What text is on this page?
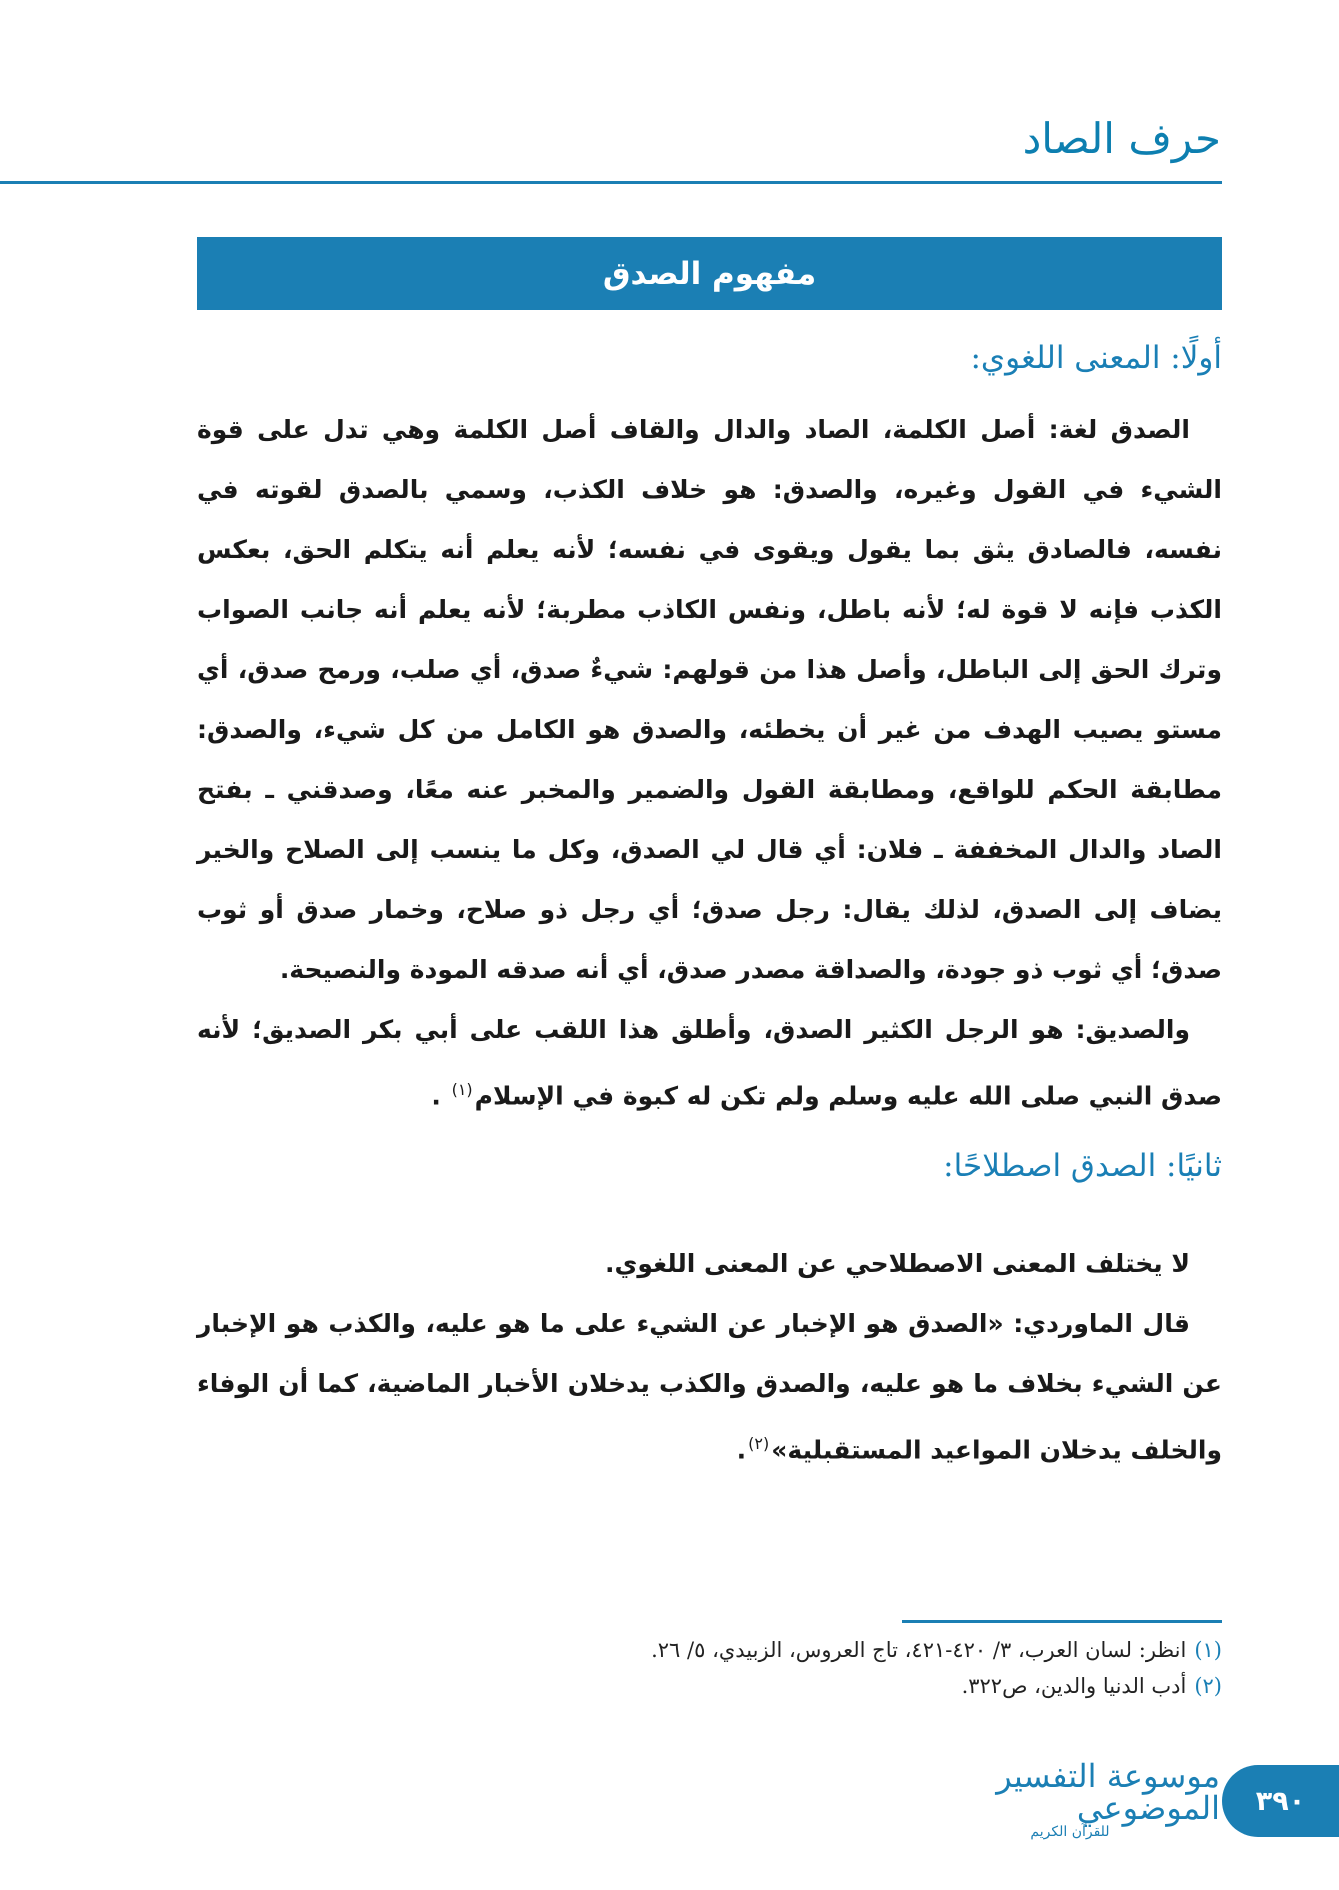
حرف الصاد
مفهوم الصدق
أولًا: المعنى اللغوي:

الصدق لغة: أصل الكلمة، الصاد والدال والقاف أصل الكلمة وهي تدل على قوة الشيء في القول وغيره، والصدق: هو خلاف الكذب، وسمي بالصدق لقوته في نفسه، فالصادق يثق بما يقول ويقوى في نفسه؛ لأنه يعلم أنه يتكلم الحق، بعكس الكذب فإنه لا قوة له؛ لأنه باطل، ونفس الكاذب مطربة؛ لأنه يعلم أنه جانب الصواب وترك الحق إلى الباطل، وأصل هذا من قولهم: شيءٌ صدق، أي صلب، ورمح صدق، أي مستو يصيب الهدف من غير أن يخطئه، والصدق هو الكامل من كل شيء، والصدق: مطابقة الحكم للواقع، ومطابقة القول والضمير والمخبر عنه معًا، وصدقني ـ بفتح الصاد والدال المخففة ـ فلان: أي قال لي الصدق، وكل ما ينسب إلى الصلاح والخير يضاف إلى الصدق، لذلك يقال: رجل صدق؛ أي رجل ذو صلاح، وخمار صدق أو ثوب صدق؛ أي ثوب ذو جودة، والصداقة مصدر صدق، أي أنه صدقه المودة والنصيحة.

والصديق: هو الرجل الكثير الصدق، وأطلق هذا اللقب على أبي بكر الصديق؛ لأنه صدق النبي صلى الله عليه وسلم ولم تكن له كبوة في الإسلام$^{(١)}$ .

ثانيًا: الصدق اصطلاحًا:

لا يختلف المعنى الاصطلاحي عن المعنى اللغوي.

قال الماوردي: «الصدق هو الإخبار عن الشيء على ما هو عليه، والكذب هو الإخبار عن الشيء بخلاف ما هو عليه، والصدق والكذب يدخلان الأخبار الماضية، كما أن الوفاء والخلف يدخلان المواعيد المستقبلية»$^{(٢)}$.

(١)انظر: لسان العرب، ٣/ ٤٢٠-٤٢١، تاج العروس، الزبيدي، ٥/ ٢٦.

(٢)أدب الدنيا والدين، ص٣٢٢.

موسوعة التفسير الموضوعي
للقرآن الكريم
٣٩٠
